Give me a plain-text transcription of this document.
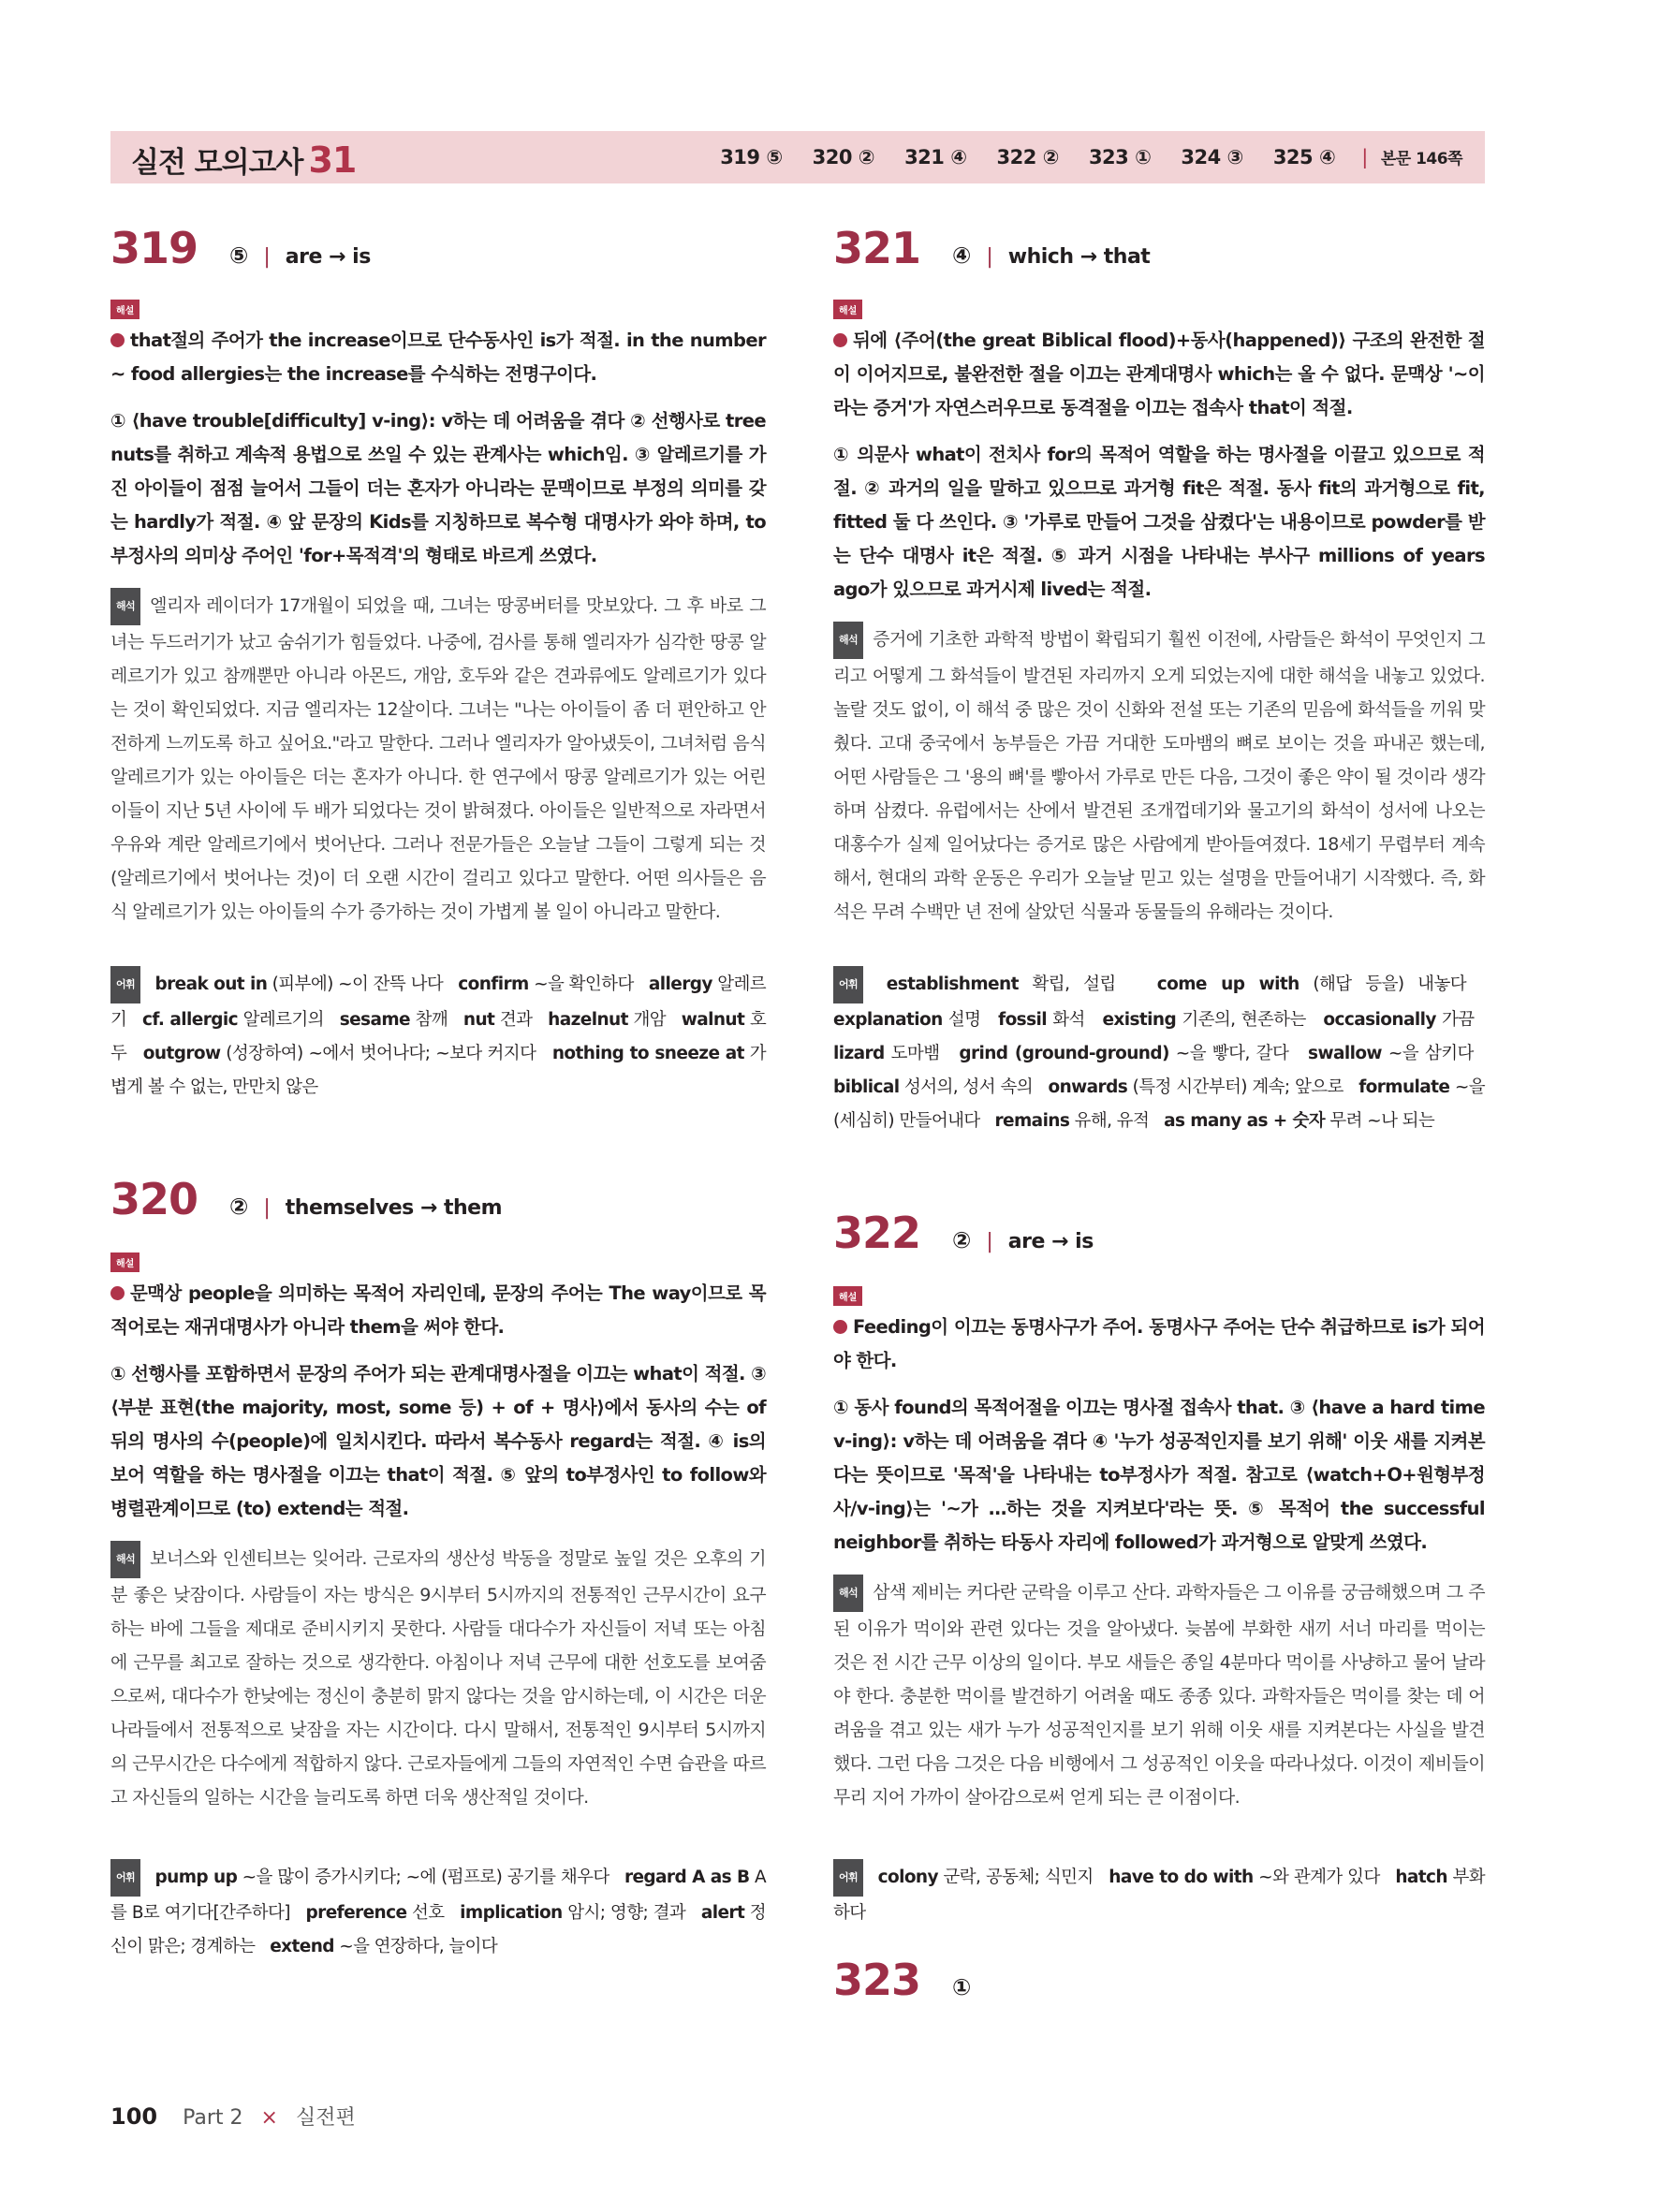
실전 모의고사 31	319 ⑤ 320 ② 321 ④ 322 ② 323 ① 324 ③ 325 ④ | 본문 146쪽
319 ⑤ | are → is
해설
that절의 주어가 the increase이므로 단수동사인 is가 적절. in the number ~ food allergies는 the increase를 수식하는 전명구이다.
① ⟨have trouble[difficulty] v-ing⟩: v하는 데 어려움을 겪다 ② 선행사로 tree nuts를 취하고 계속적 용법으로 쓰일 수 있는 관계사는 which임. ③ 알레르기를 가진 아이들이 점점 늘어서 그들이 더는 혼자가 아니라는 문맥이므로 부정의 의미를 갖는 hardly가 적절. ④ 앞 문장의 Kids를 지칭하므로 복수형 대명사가 와야 하며, to부정사의 의미상 주어인 'for+목적격'의 형태로 바르게 쓰였다.
해석 엘리자 레이더가 17개월이 되었을 때, 그녀는 땅콩버터를 맛보았다. 그 후 바로 그녀는 두드러기가 났고 숨쉬기가 힘들었다. 나중에, 검사를 통해 엘리자가 심각한 땅콩 알레르기가 있고 참깨뿐만 아니라 아몬드, 개암, 호두와 같은 견과류에도 알레르기가 있다는 것이 확인되었다. 지금 엘리자는 12살이다. 그녀는 "나는 아이들이 좀 더 편안하고 안전하게 느끼도록 하고 싶어요."라고 말한다. 그러나 엘리자가 알아냈듯이, 그녀처럼 음식 알레르기가 있는 아이들은 더는 혼자가 아니다. 한 연구에서 땅콩 알레르기가 있는 어린이들이 지난 5년 사이에 두 배가 되었다는 것이 밝혀졌다. 아이들은 일반적으로 자라면서 우유와 계란 알레르기에서 벗어난다. 그러나 전문가들은 오늘날 그들이 그렇게 되는 것(알레르기에서 벗어나는 것)이 더 오랜 시간이 걸리고 있다고 말한다. 어떤 의사들은 음식 알레르기가 있는 아이들의 수가 증가하는 것이 가볍게 볼 일이 아니라고 말한다.
어휘 break out in (피부에) ~이 잔뜩 나다 confirm ~을 확인하다 allergy 알레르기 cf. allergic 알레르기의 sesame 참깨 nut 견과 hazelnut 개암 walnut 호두 outgrow (성장하여) ~에서 벗어나다; ~보다 커지다 nothing to sneeze at 가볍게 볼 수 없는, 만만치 않은
320 ② | themselves → them
해설
문맥상 people을 의미하는 목적어 자리인데, 문장의 주어는 The way이므로 목적어로는 재귀대명사가 아니라 them을 써야 한다.
① 선행사를 포함하면서 문장의 주어가 되는 관계대명사절을 이끄는 what이 적절. ③ ⟨부분 표현(the majority, most, some 등) + of + 명사⟩에서 동사의 수는 of 뒤의 명사의 수(people)에 일치시킨다. 따라서 복수동사 regard는 적절. ④ is의 보어 역할을 하는 명사절을 이끄는 that이 적절. ⑤ 앞의 to부정사인 to follow와 병렬관계이므로 (to) extend는 적절.
해석 보너스와 인센티브는 잊어라. 근로자의 생산성 박동을 정말로 높일 것은 오후의 기분 좋은 낮잠이다. 사람들이 자는 방식은 9시부터 5시까지의 전통적인 근무시간이 요구하는 바에 그들을 제대로 준비시키지 못한다. 사람들 대다수가 자신들이 저녁 또는 아침에 근무를 최고로 잘하는 것으로 생각한다. 아침이나 저녁 근무에 대한 선호도를 보여줌으로써, 대다수가 한낮에는 정신이 충분히 맑지 않다는 것을 암시하는데, 이 시간은 더운 나라들에서 전통적으로 낮잠을 자는 시간이다. 다시 말해서, 전통적인 9시부터 5시까지의 근무시간은 다수에게 적합하지 않다. 근로자들에게 그들의 자연적인 수면 습관을 따르고 자신들의 일하는 시간을 늘리도록 하면 더욱 생산적일 것이다.
어휘 pump up ~을 많이 증가시키다; ~에 (펌프로) 공기를 채우다 regard A as B A를 B로 여기다[간주하다] preference 선호 implication 암시; 영향; 결과 alert 정신이 맑은; 경계하는 extend ~을 연장하다, 늘이다
321 ④ | which → that
해설
뒤에 ⟨주어(the great Biblical flood)+동사(happened)⟩ 구조의 완전한 절이 이어지므로, 불완전한 절을 이끄는 관계대명사 which는 올 수 없다. 문맥상 '~이라는 증거'가 자연스러우므로 동격절을 이끄는 접속사 that이 적절.
① 의문사 what이 전치사 for의 목적어 역할을 하는 명사절을 이끌고 있으므로 적절. ② 과거의 일을 말하고 있으므로 과거형 fit은 적절. 동사 fit의 과거형으로 fit, fitted 둘 다 쓰인다. ③ '가루로 만들어 그것을 삼켰다'는 내용이므로 powder를 받는 단수 대명사 it은 적절. ⑤ 과거 시점을 나타내는 부사구 millions of years ago가 있으므로 과거시제 lived는 적절.
해석 증거에 기초한 과학적 방법이 확립되기 훨씬 이전에, 사람들은 화석이 무엇인지 그리고 어떻게 그 화석들이 발견된 자리까지 오게 되었는지에 대한 해석을 내놓고 있었다. 놀랄 것도 없이, 이 해석 중 많은 것이 신화와 전설 또는 기존의 믿음에 화석들을 끼워 맞췄다. 고대 중국에서 농부들은 가끔 거대한 도마뱀의 뼈로 보이는 것을 파내곤 했는데, 어떤 사람들은 그 '용의 뼈'를 빻아서 가루로 만든 다음, 그것이 좋은 약이 될 것이라 생각하며 삼켰다. 유럽에서는 산에서 발견된 조개껍데기와 물고기의 화석이 성서에 나오는 대홍수가 실제 일어났다는 증거로 많은 사람에게 받아들여졌다. 18세기 무렵부터 계속해서, 현대의 과학 운동은 우리가 오늘날 믿고 있는 설명을 만들어내기 시작했다. 즉, 화석은 무려 수백만 년 전에 살았던 식물과 동물들의 유해라는 것이다.
어휘 establishment 확립, 설립 come up with (해답 등을) 내놓다   explanation 설명 fossil 화석 existing 기존의, 현존하는 occasionally 가끔   lizard 도마뱀 grind (ground-ground) ~을 빻다, 갈다 swallow ~을 삼키다   biblical 성서의, 성서 속의 onwards (특정 시간부터) 계속; 앞으로 formulate ~을 (세심히) 만들어내다 remains 유해, 유적 as many as + 숫자 무려 ~나 되는
322 ② | are → is
해설
Feeding이 이끄는 동명사구가 주어. 동명사구 주어는 단수 취급하므로 is가 되어야 한다.
① 동사 found의 목적어절을 이끄는 명사절 접속사 that. ③ ⟨have a hard time v-ing⟩: v하는 데 어려움을 겪다 ④ '누가 성공적인지를 보기 위해' 이웃 새를 지켜본다는 뜻이므로 '목적'을 나타내는 to부정사가 적절. 참고로 ⟨watch+O+원형부정사/v-ing⟩는 '~가 …하는 것을 지켜보다'라는 뜻. ⑤ 목적어 the successful neighbor를 취하는 타동사 자리에 followed가 과거형으로 알맞게 쓰였다.
해석 삼색 제비는 커다란 군락을 이루고 산다. 과학자들은 그 이유를 궁금해했으며 그 주된 이유가 먹이와 관련 있다는 것을 알아냈다. 늦봄에 부화한 새끼 서너 마리를 먹이는 것은 전 시간 근무 이상의 일이다. 부모 새들은 종일 4분마다 먹이를 사냥하고 물어 날라야 한다. 충분한 먹이를 발견하기 어려울 때도 종종 있다. 과학자들은 먹이를 찾는 데 어려움을 겪고 있는 새가 누가 성공적인지를 보기 위해 이웃 새를 지켜본다는 사실을 발견했다. 그런 다음 그것은 다음 비행에서 그 성공적인 이웃을 따라나섰다. 이것이 제비들이 무리 지어 가까이 살아감으로써 얻게 되는 큰 이점이다.
어휘 colony 군락, 공동체; 식민지 have to do with ~와 관계가 있다 hatch 부화하다
323 ①
100 Part 2 × 실전편
